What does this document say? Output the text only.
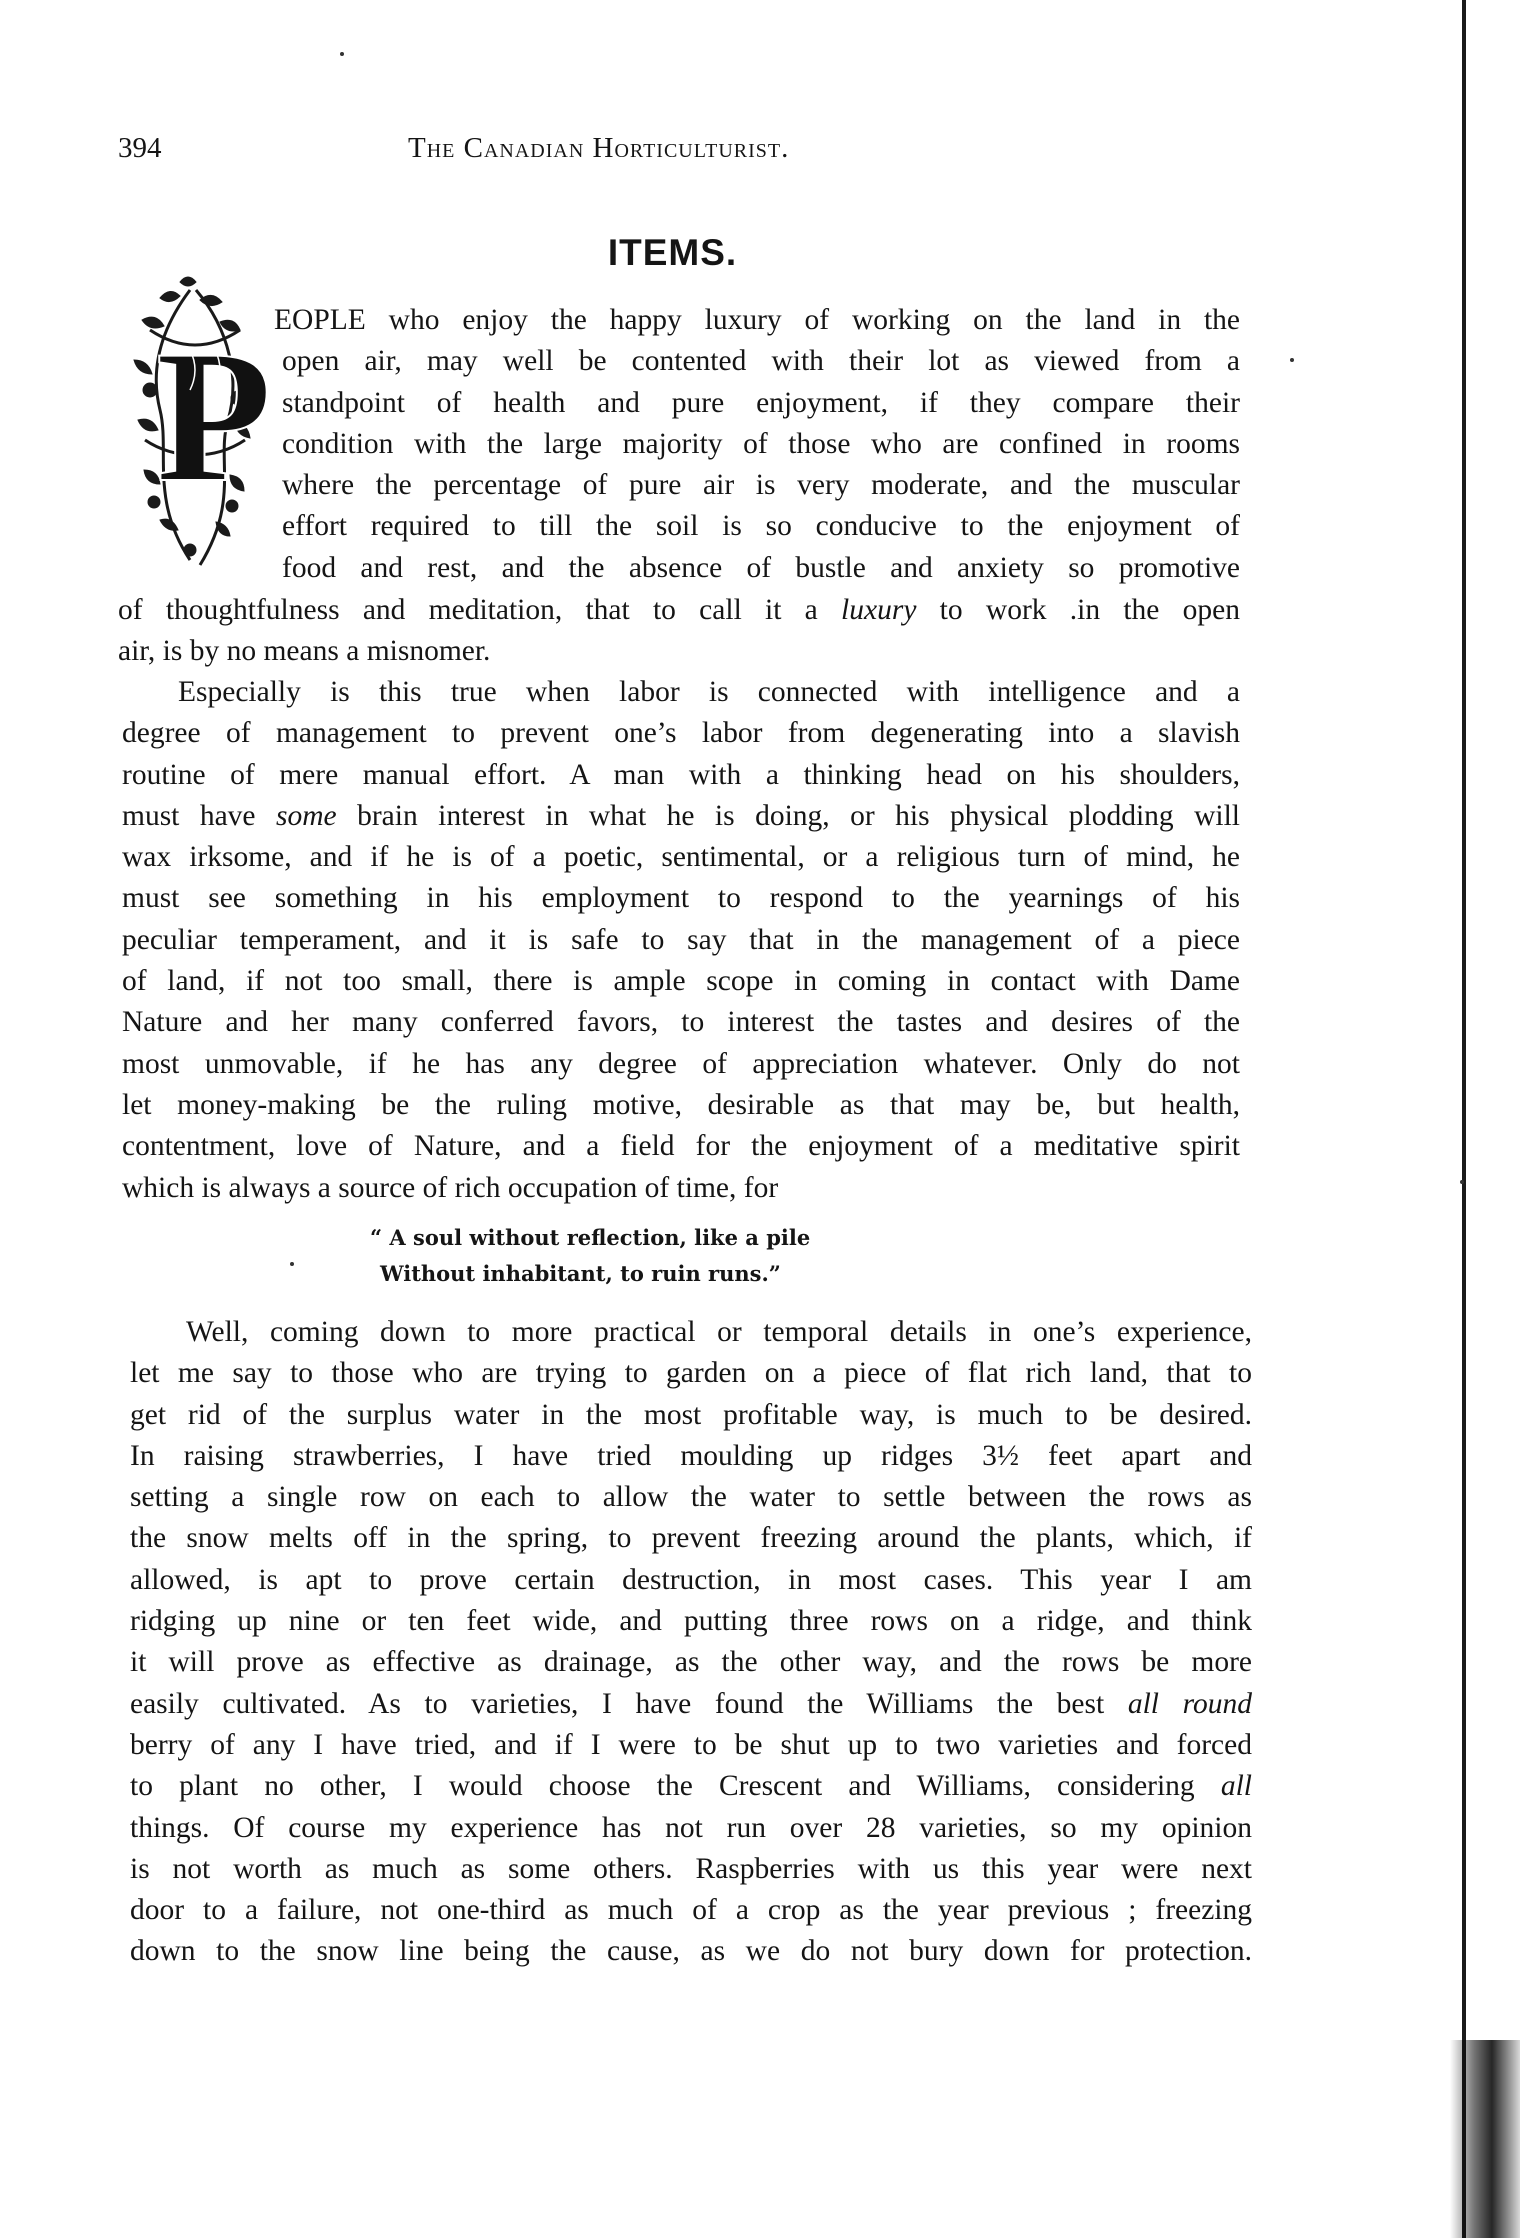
394	The Canadian Horticulturist.
ITEMS.
P EOPLE who enjoy the happy luxury of working on the land in the
open air, may well be contented with their lot as viewed from a
standpoint of health and pure enjoyment, if they compare their
condition with the large majority of those who are confined in rooms
where the percentage of pure air is very moderate, and the muscular
effort required to till the soil is so conducive to the enjoyment of
food and rest, and the absence of bustle and anxiety so promotive
of thoughtfulness and meditation, that to call it a luxury to work .in the open
air, is by no means a misnomer.
Especially is this true when labor is connected with intelligence and a
degree of management to prevent one’s labor from degenerating into a slavish
routine of mere manual effort. A man with a thinking head on his shoulders,
must have some brain interest in what he is doing, or his physical plodding will
wax irksome, and if he is of a poetic, sentimental, or a religious turn of mind, he
must see something in his employment to respond to the yearnings of his
peculiar temperament, and it is safe to say that in the management of a piece
of land, if not too small, there is ample scope in coming in contact with Dame
Nature and her many conferred favors, to interest the tastes and desires of the
most unmovable, if he has any degree of appreciation whatever. Only do not
let money-making be the ruling motive, desirable as that may be, but health,
contentment, love of Nature, and a field for the enjoyment of a meditative spirit
which is always a source of rich occupation of time, for
“ A soul without reflection, like a pile
Without inhabitant, to ruin runs.”
Well, coming down to more practical or temporal details in one’s experience,
let me say to those who are trying to garden on a piece of flat rich land, that to
get rid of the surplus water in the most profitable way, is much to be desired.
In raising strawberries, I have tried moulding up ridges 3½ feet apart and
setting a single row on each to allow the water to settle between the rows as
the snow melts off in the spring, to prevent freezing around the plants, which, if
allowed, is apt to prove certain destruction, in most cases. This year I am
ridging up nine or ten feet wide, and putting three rows on a ridge, and think
it will prove as effective as drainage, as the other way, and the rows be more
easily cultivated. As to varieties, I have found the Williams the best all round
berry of any I have tried, and if I were to be shut up to two varieties and forced
to plant no other, I would choose the Crescent and Williams, considering all
things. Of course my experience has not run over 28 varieties, so my opinion
is not worth as much as some others. Raspberries with us this year were next
door to a failure, not one-third as much of a crop as the year previous ; freezing
down to the snow line being the cause, as we do not bury down for protection.
